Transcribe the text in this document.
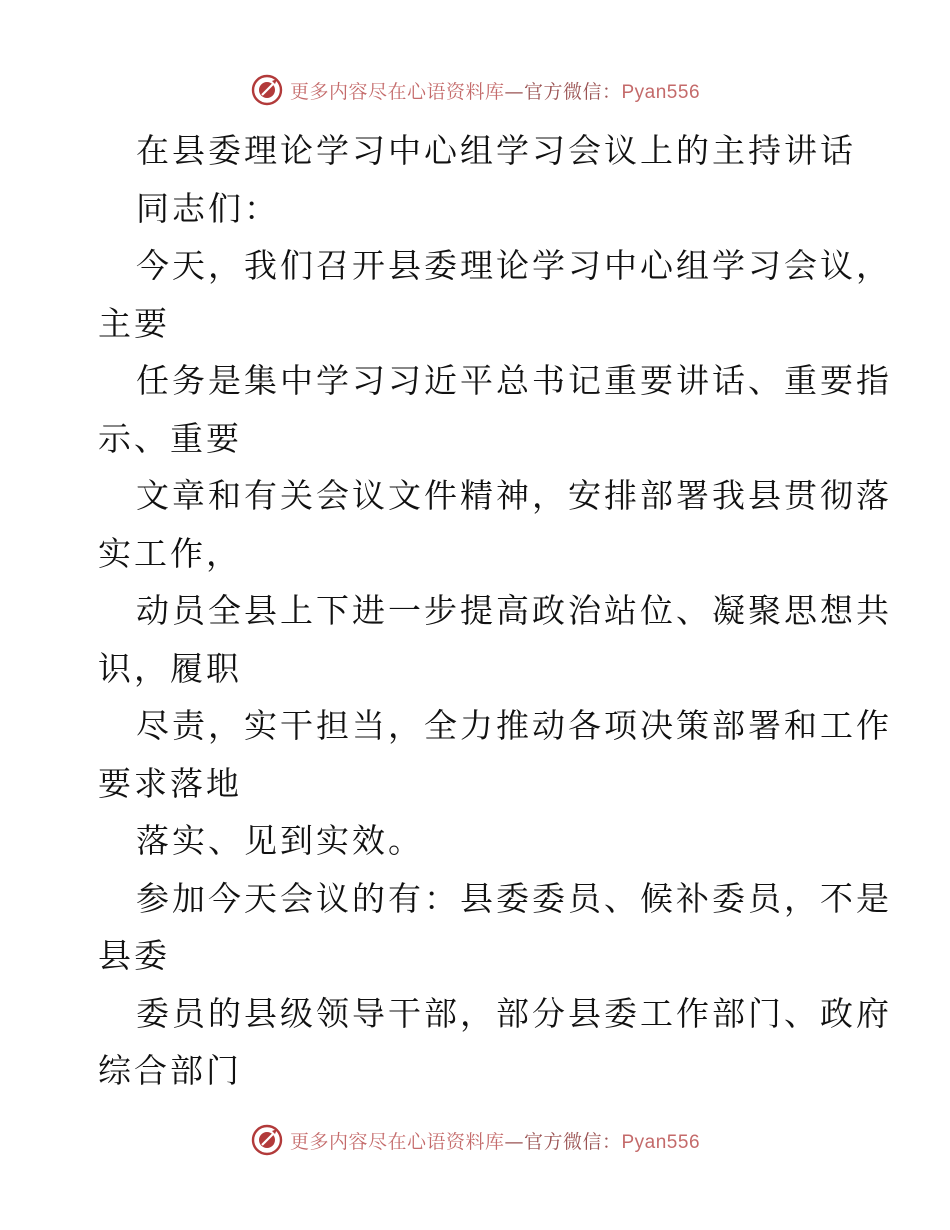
更多内容尽在心语资料库—官方微信：Pyan556
在县委理论学习中心组学习会议上的主持讲话
同志们：
今天，我们召开县委理论学习中心组学习会议，
主要
任务是集中学习习近平总书记重要讲话、重要指
示、重要
文章和有关会议文件精神，安排部署我县贯彻落
实工作，
动员全县上下进一步提高政治站位、凝聚思想共
识，履职
尽责，实干担当，全力推动各项决策部署和工作
要求落地
落实、见到实效。
参加今天会议的有：县委委员、候补委员，不是
县委
委员的县级领导干部，部分县委工作部门、政府
综合部门
更多内容尽在心语资料库—官方微信：Pyan556
